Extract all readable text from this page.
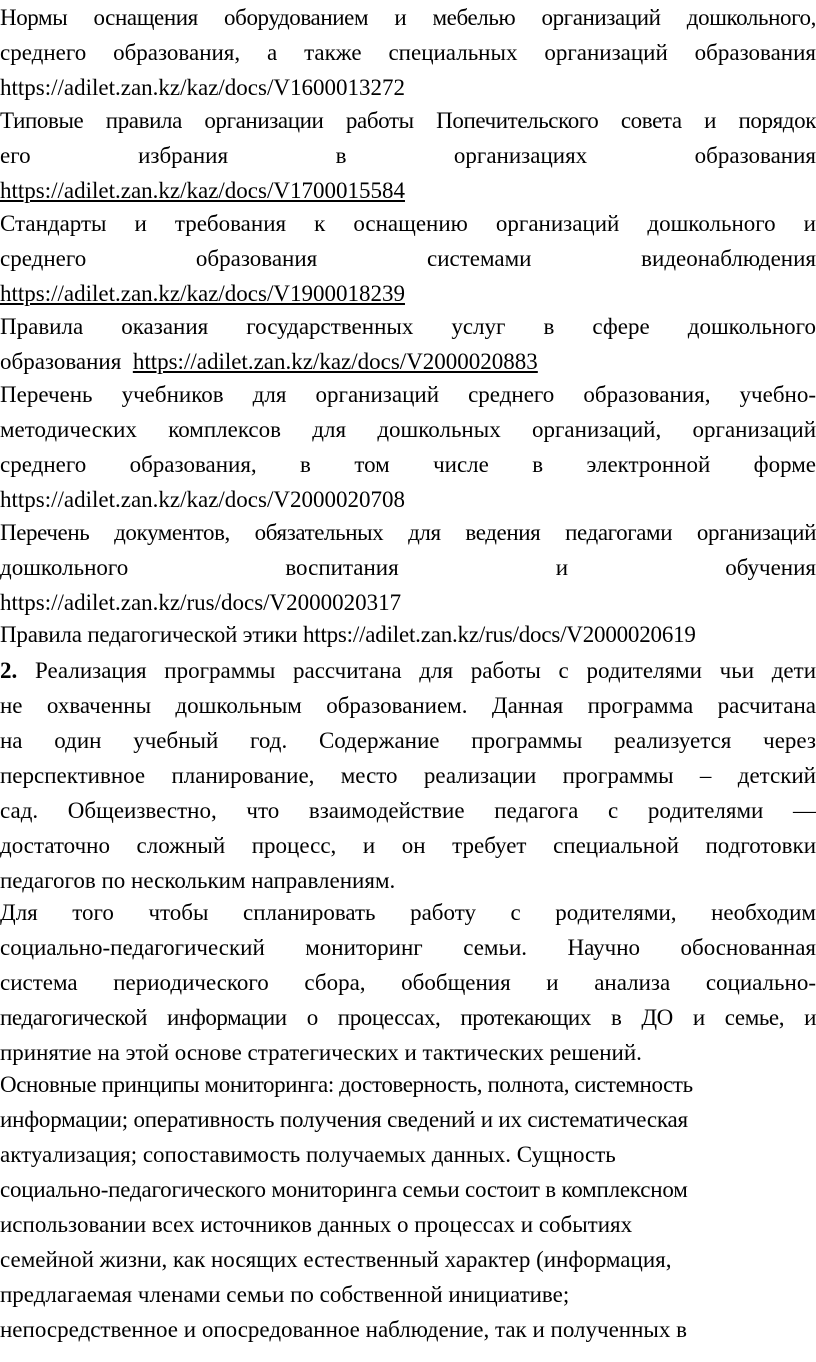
Нормы оснащения оборудованием и мебелью организаций дошкольного,
среднего образования, а также специальных организаций образования
https://adilet.zan.kz/kaz/docs/V1600013272
Типовые правила организации работы Попечительского совета и порядок
его избрания в организациях образования
https://adilet.zan.kz/kaz/docs/V1700015584
Стандарты и требования к оснащению организаций дошкольного и
среднего образования системами видеонаблюдения
https://adilet.zan.kz/kaz/docs/V1900018239
Правила оказания государственных услуг в сфере дошкольного
образования https://adilet.zan.kz/kaz/docs/V2000020883
Перечень учебников для организаций среднего образования, учебно-
методических комплексов для дошкольных организаций, организаций
среднего образования, в том числе в электронной форме
https://adilet.zan.kz/kaz/docs/V2000020708
Перечень документов, обязательных для ведения педагогами организаций
дошкольного воспитания и обучения
https://adilet.zan.kz/rus/docs/V2000020317
Правила педагогической этики https://adilet.zan.kz/rus/docs/V2000020619
2. Реализация программы рассчитана для работы с родителями чьи дети
не охваченны дошкольным образованием. Данная программа расчитана
на один учебный год. Содержание программы реализуется через
перспективное планирование, место реализации программы – детский
сад. Общеизвестно, что взаимодействие педагога с родителями —
достаточно сложный процесс, и он требует специальной подготовки
педагогов по нескольким направлениям.
Для того чтобы спланировать работу с родителями, необходим
социально-педагогический мониторинг семьи. Научно обоснованная
система периодического сбора, обобщения и анализа социально-
педагогической информации о процессах, протекающих в ДО и семье, и
принятие на этой основе стратегических и тактических решений.
Основные принципы мониторинга: достоверность, полнота, системность
информации; оперативность получения сведений и их систематическая
актуализация; сопоставимость получаемых данных. Сущность
социально-педагогического мониторинга семьи состоит в комплексном
использовании всех источников данных о процессах и событиях
семейной жизни, как носящих естественный характер (информация,
предлагаемая членами семьи по собственной инициативе;
непосредственное и опосредованное наблюдение, так и полученных в
